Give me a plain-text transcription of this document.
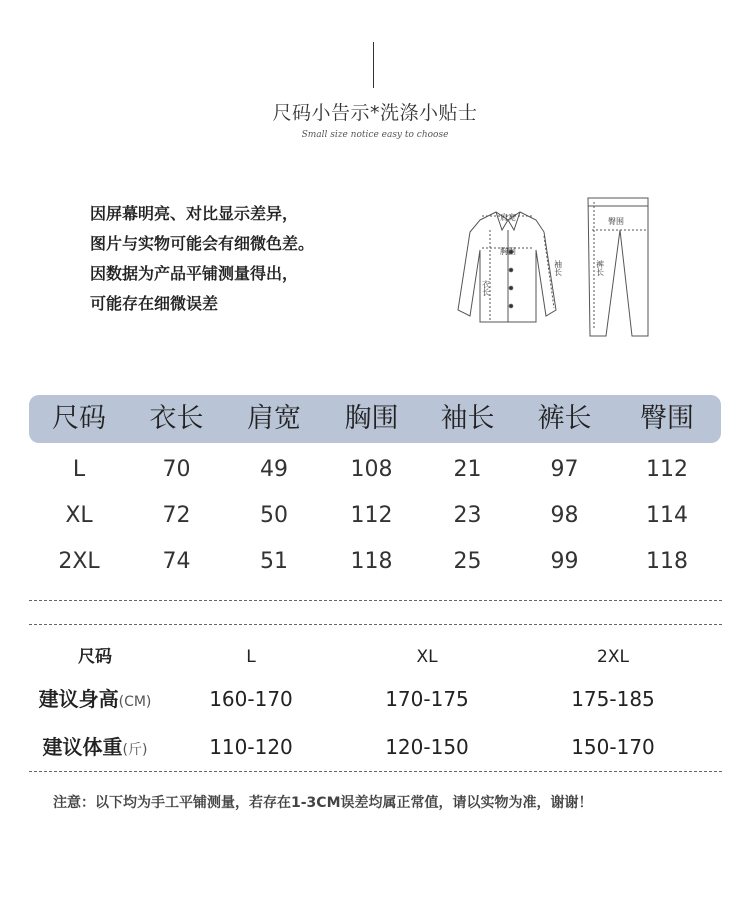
尺码小告示*洗涤小贴士
Small size notice easy to choose
因屏幕明亮、对比显示差异，
图片与实物可能会有细微色差。
因数据为产品平铺测量得出，
可能存在细微误差
肩宽
胸围
衣长
袖长
臀围
裤长
尺码	衣长	肩宽	胸围	袖长	裤长	臀围
L	70	49	108	21	97	112
XL	72	50	112	23	98	114
2XL	74	51	118	25	99	118
尺码	L	XL	2XL
建议身高(CM)	160-170	170-175	175-185
建议体重(斤)	110-120	120-150	150-170
注意：以下均为手工平铺测量，若存在1-3CM误差均属正常值，请以实物为准，谢谢！
